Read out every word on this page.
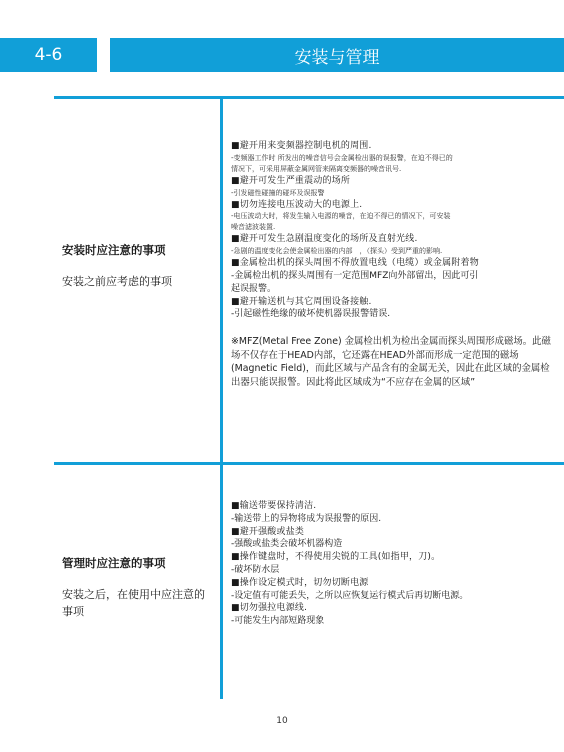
4-6	安装与管理
安装时应注意的事项
安装之前应考虑的事项

■避开用来变频器控制电机的周围.

-变频器工作时 所发出的噪音信号会金属检出器的误报警，在迫不得已的

情况下，可采用屏蔽金属网管来隔离变频器的噪音讯号.

■避开可发生严重震动的场所

-引发磁性碰撞的碰坏及误报警

■切勿连接电压波动大的电源上.

-电压波动大时，将发生输入电源的噪音，在迫不得已的情况下，可安装

噪音滤波装置.

■避开可发生急剧温度变化的场所及直射光线.

-急剧的温度变化会使金属检出器的内部　，（探头）受到严重的影响.

■金属检出机的探头周围不得放置电线（电缆）或金属附着物

-金属检出机的探头周围有一定范围MFZ向外部留出，因此可引

起误报警。

■避开输送机与其它周围设备接触.

-引起磁性绝缘的破坏使机器误报警错误.

※MFZ(Metal Free Zone) 金属检出机为检出金属而探头周围形成磁场。此磁场不仅存在于HEAD内部，它还露在HEAD外部而形成一定范围的磁场(Magnetic Field)，而此区域与产品含有的金属无关，因此在此区域的金属检出器只能误报警。因此将此区域成为“不应存在金属的区域”

管理时应注意的事项
安装之后，在使用中应注意的事项

■输送带要保持清洁.

-输送带上的异物将成为误报警的原因.

■避开强酸或盐类

-强酸或盐类会破坏机器构造

■操作键盘时，不得使用尖锐的工具(如指甲，刀)。

-破坏防水层

■操作设定模式时，切勿切断电源

-设定值有可能丢失，之所以应恢复运行模式后再切断电源。

■切勿强拉电源线.

-可能发生内部短路现象

10
